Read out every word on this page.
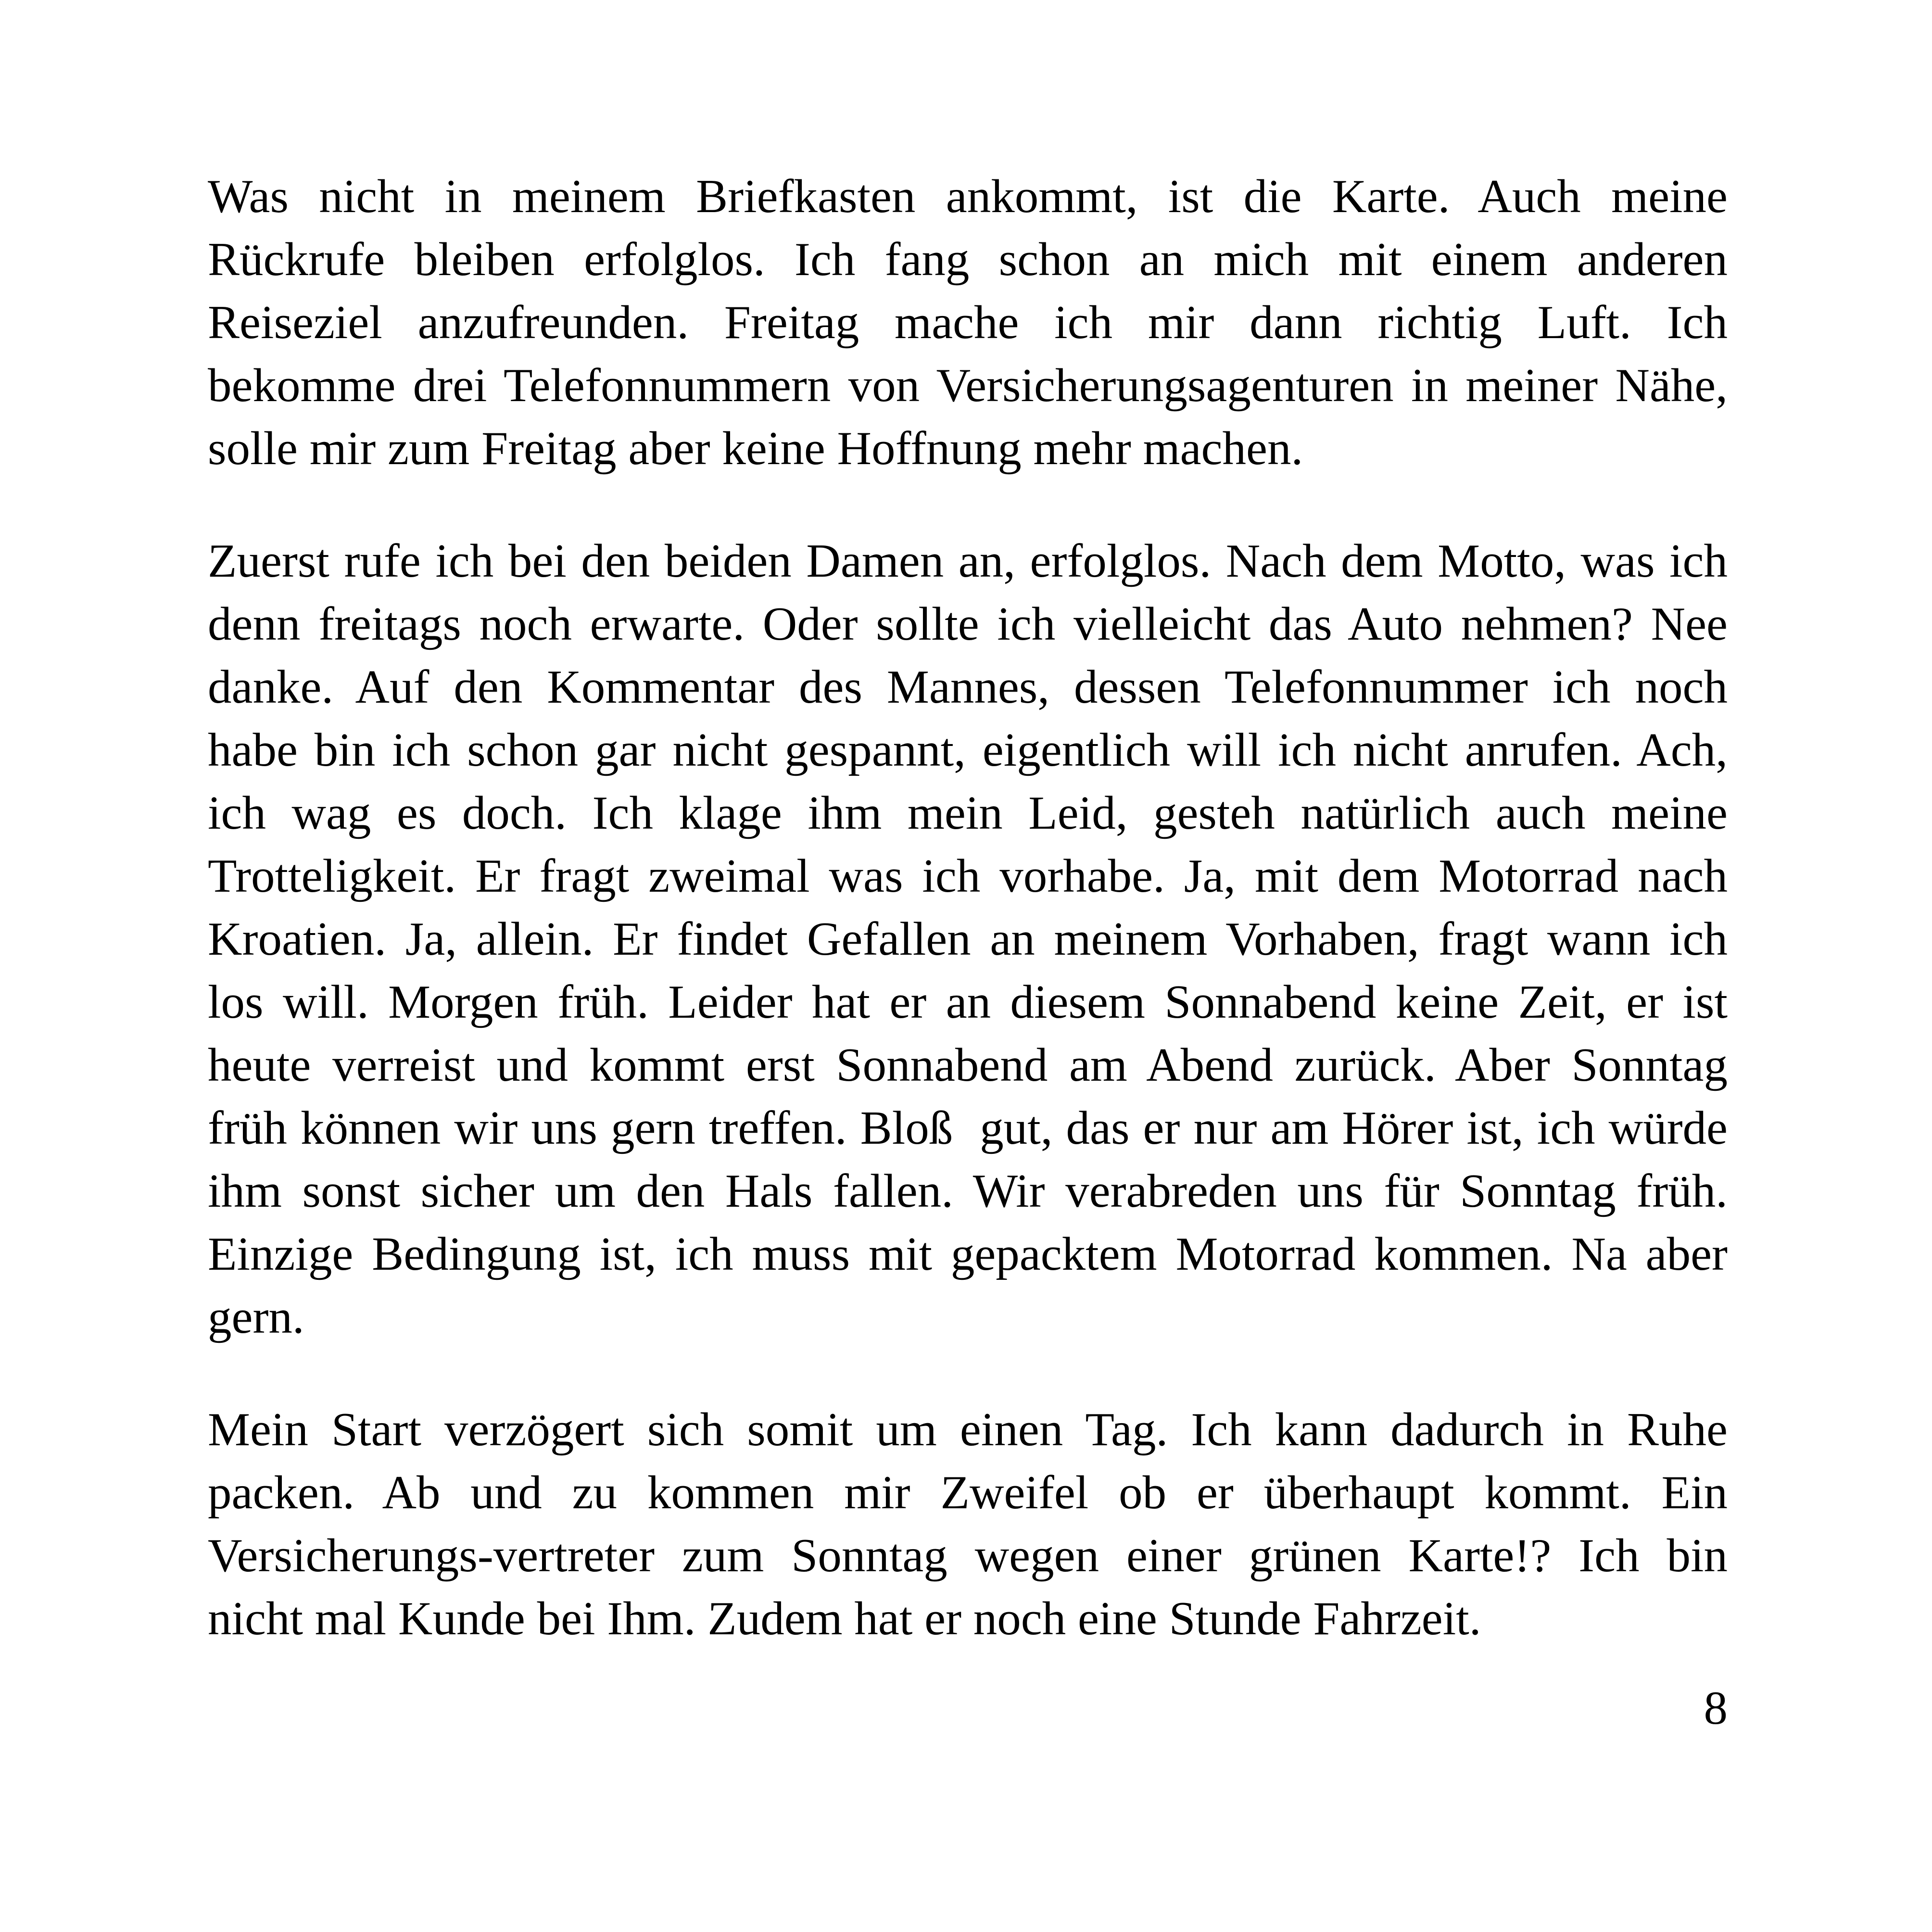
Was nicht in meinem Briefkasten ankommt, ist die Karte. Auch meine
Rückrufe bleiben erfolglos. Ich fang schon an mich mit einem anderen
Reiseziel anzufreunden. Freitag mache ich mir dann richtig Luft. Ich
bekomme drei Telefonnummern von Versicherungsagenturen in meiner Nähe,
solle mir zum Freitag aber keine Hoffnung mehr machen.
Zuerst rufe ich bei den beiden Damen an, erfolglos. Nach dem Motto, was ich
denn freitags noch erwarte. Oder sollte ich vielleicht das Auto nehmen? Nee
danke. Auf den Kommentar des Mannes, dessen Telefonnummer ich noch
habe bin ich schon gar nicht gespannt, eigentlich will ich nicht anrufen. Ach,
ich wag es doch. Ich klage ihm mein Leid, gesteh natürlich auch meine
Trotteligkeit. Er fragt zweimal was ich vorhabe. Ja, mit dem Motorrad nach
Kroatien. Ja, allein. Er findet Gefallen an meinem Vorhaben, fragt wann ich
los will. Morgen früh. Leider hat er an diesem Sonnabend keine Zeit, er ist
heute verreist und kommt erst Sonnabend am Abend zurück. Aber Sonntag
früh können wir uns gern treffen. Bloß  gut, das er nur am Hörer ist, ich würde
ihm sonst sicher um den Hals fallen. Wir verabreden uns für Sonntag früh.
Einzige Bedingung ist, ich muss mit gepacktem Motorrad kommen. Na aber
gern.
Mein Start verzögert sich somit um einen Tag. Ich kann dadurch in Ruhe
packen. Ab und zu kommen mir Zweifel ob er überhaupt kommt. Ein
Versicherungs-vertreter zum Sonntag wegen einer grünen Karte!? Ich bin
nicht mal Kunde bei Ihm. Zudem hat er noch eine Stunde Fahrzeit.
8
